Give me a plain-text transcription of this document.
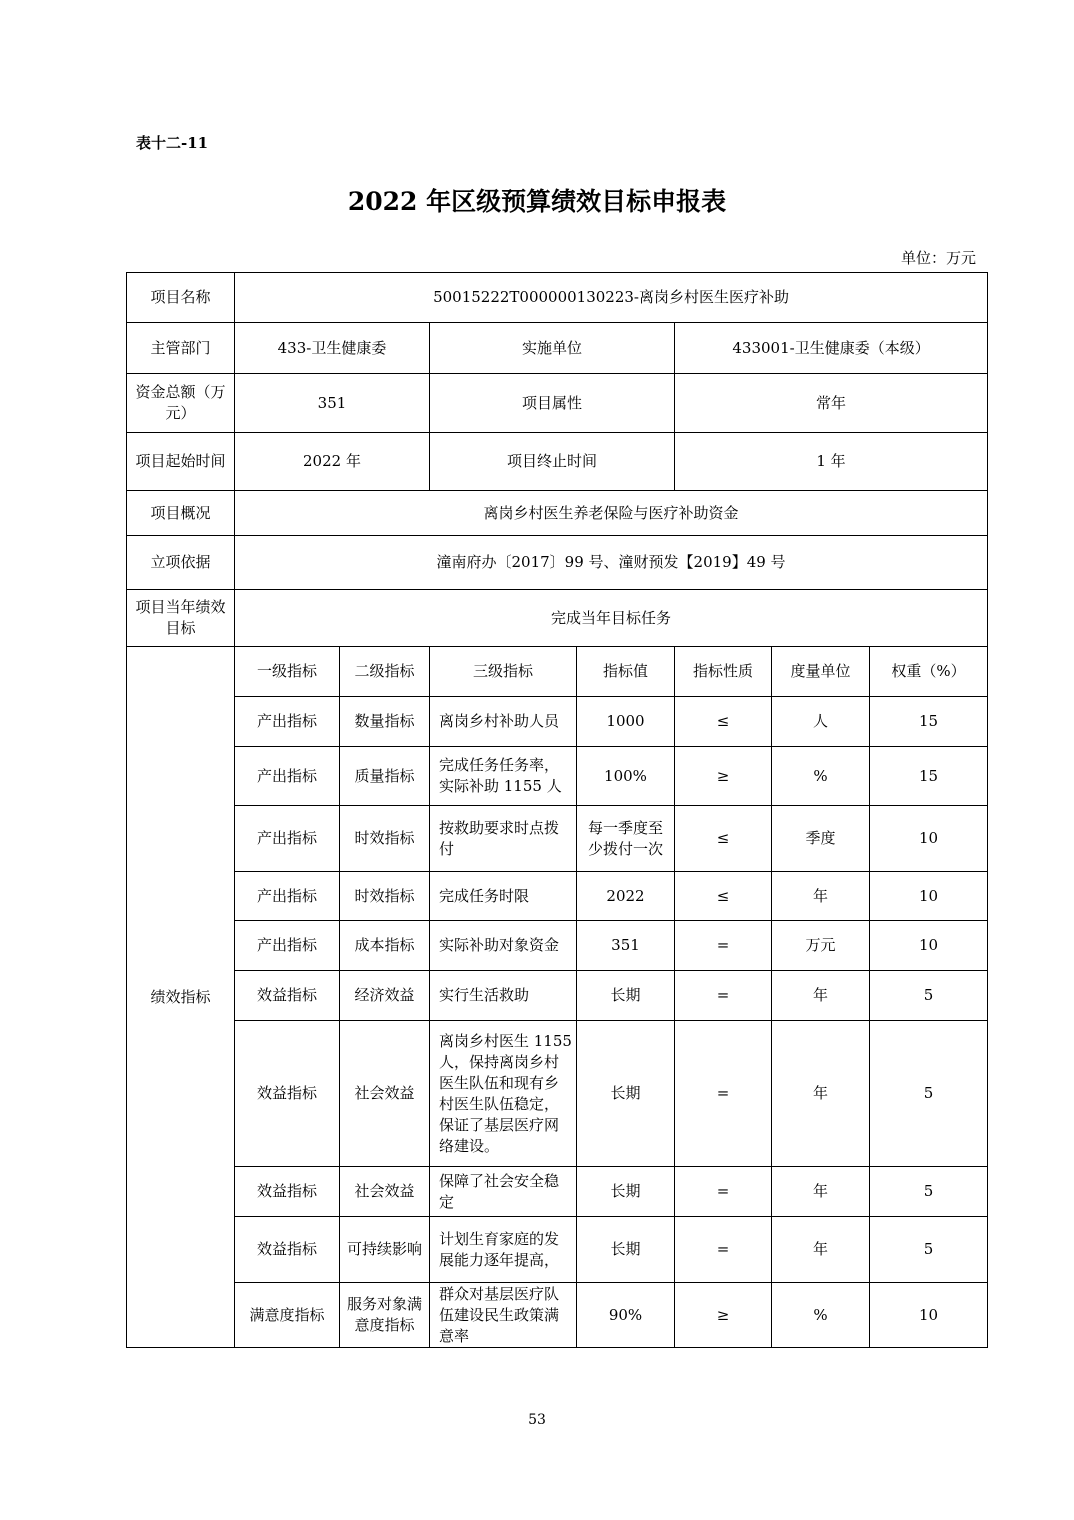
表十二-11
2022 年区级预算绩效目标申报表
单位：万元
项目名称	50015222T000000130223-离岗乡村医生医疗补助						
主管部门	433-卫生健康委		实施单位		433001-卫生健康委（本级）		
资金总额（万元）	351		项目属性		常年		
项目起始时间	2022 年		项目终止时间		1 年		
项目概况	离岗乡村医生养老保险与医疗补助资金						
立项依据	潼南府办〔2017〕99 号、潼财预发【2019】49 号						
项目当年绩效目标	完成当年目标任务						
绩效指标	一级指标	二级指标	三级指标	指标值	指标性质	度量单位	权重（%）
	产出指标	数量指标	离岗乡村补助人员	1000	≤	人	15
	产出指标	质量指标	完成任务任务率，实际补助 1155 人	100%	≥	%	15
	产出指标	时效指标	按救助要求时点拨付	每一季度至少拨付一次	≤	季度	10
	产出指标	时效指标	完成任务时限	2022	≤	年	10
	产出指标	成本指标	实际补助对象资金	351	=	万元	10
	效益指标	经济效益	实行生活救助	长期	=	年	5
	效益指标	社会效益	离岗乡村医生 1155 人，保持离岗乡村医生队伍和现有乡村医生队伍稳定，保证了基层医疗网络建设。	长期	=	年	5
	效益指标	社会效益	保障了社会安全稳定	长期	=	年	5
	效益指标	可持续影响	计划生育家庭的发展能力逐年提高，	长期	=	年	5
	满意度指标	服务对象满意度指标	群众对基层医疗队伍建设民生政策满意率	90%	≥	%	10
53
